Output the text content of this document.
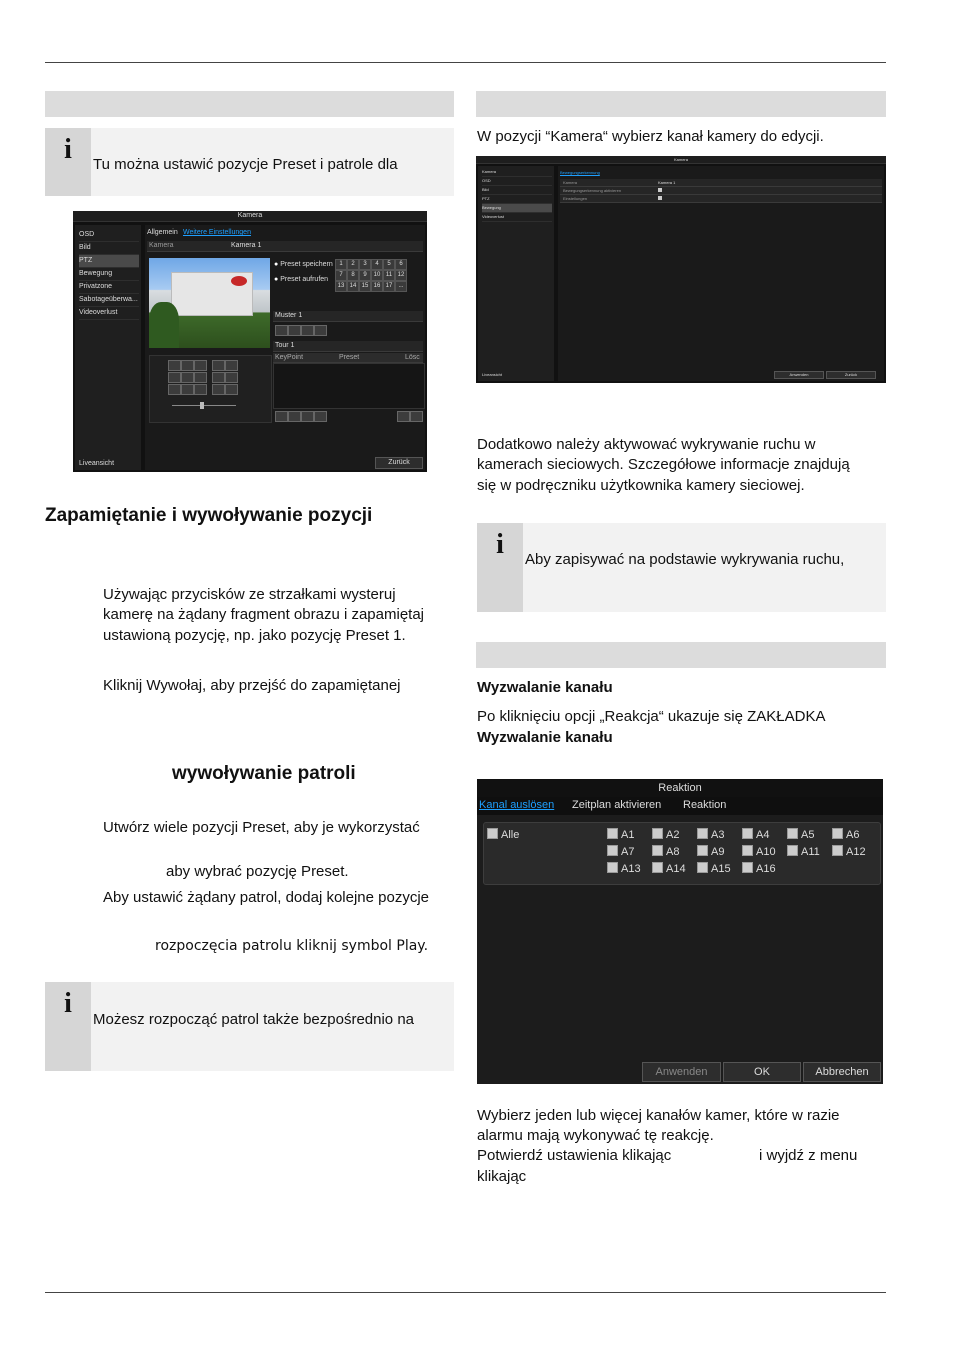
i	Tu można ustawić pozycje Preset i patrole dla
Kamera
OSD
Bild
PTZ
Bewegung
Privatzone
Sabotageüberwa...
Videoverlust
Liveansicht
Allgemein Weitere Einstellungen
Kamera	Kamera 1
● Preset speichern
● Preset aufrufen
1	2	3	4	5	6
7	8	9	10 11 12
13 14 15 16 17	...
Muster 1
Tour 1
KeyPoint	Preset	Lösc
Zurück
Zapamiętanie i wywoływanie pozycji
Używając przycisków ze strzałkami wysteruj
kamerę na żądany fragment obrazu i zapamiętaj
ustawioną pozycję, np. jako pozycję Preset 1.
Kliknij Wywołaj, aby przejść do zapamiętanej
wywoływanie patroli
Utwórz wiele pozycji Preset, aby je wykorzystać
aby wybrać pozycję Preset.
Aby ustawić żądany patrol, dodaj kolejne pozycje
rozpoczęcia patrolu kliknij symbol Play.
i
Możesz rozpocząć patrol także bezpośrednio na
W pozycji “Kamera“ wybierz kanał kamery do edycji.
Kamera
Kamera
OSD
Bild
PTZ
Bewegung
Videoverlust
Liveansicht
Bewegungserkennung
Kamera	Kamera 1
Bewegungserkennung aktivieren
Einstellungen
Anwenden	Zurück
Dodatkowo należy aktywować wykrywanie ruchu w
kamerach sieciowych. Szczegółowe informacje znajdują
się w podręczniku użytkownika kamery sieciowej.
i	Aby zapisywać na podstawie wykrywania ruchu,
Wyzwalanie kanału
Po kliknięciu opcji „Reakcja“ ukazuje się ZAKŁADKA
Wyzwalanie kanału
Reaktion
Kanal auslösen Zeitplan aktivieren Reaktion
Alle	A1	A2	A3	A4	A5	A6
A7	A8	A9	A10	A11	A12
A13	A14	A15	A16
Anwenden	OK	Abbrechen
Wybierz jeden lub więcej kanałów kamer, które w razie
alarmu mają wykonywać tę reakcję.
Potwierdź ustawienia klikając	i wyjdź z menu
klikając
